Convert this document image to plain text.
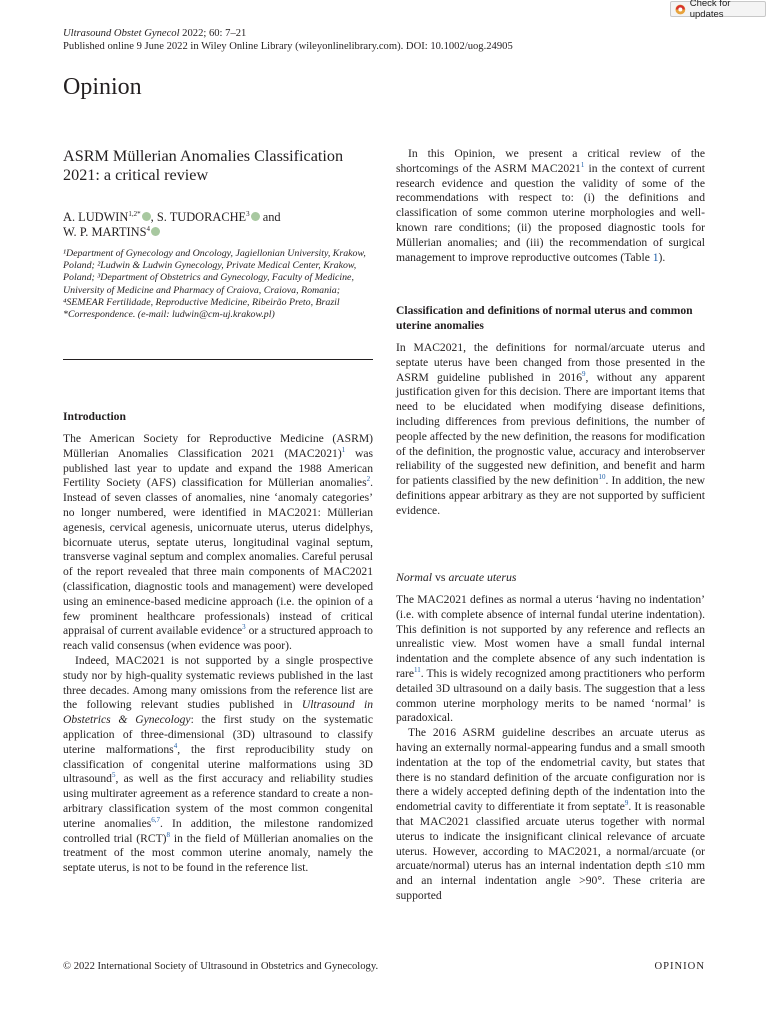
Ultrasound Obstet Gynecol 2022; 60: 7–21
Published online 9 June 2022 in Wiley Online Library (wileyonlinelibrary.com). DOI: 10.1002/uog.24905
Check for updates
Opinion
ASRM Müllerian Anomalies Classification 2021: a critical review
A. $LUDWIN^{1,2*}$ , S. TUDORACHE$^3$ and
W. P. MARTINS$^4$
¹Department of Gynecology and Oncology, Jagiellonian University, Krakow, Poland; ²Ludwin & Ludwin Gynecology, Private Medical Center, Krakow, Poland; ³Department of Obstetrics and Gynecology, Faculty of Medicine, University of Medicine and Pharmacy of Craiova, Craiova, Romania; ⁴SEMEAR Fertilidade, Reproductive Medicine, Ribeirão Preto, Brazil
*Correspondence. (e-mail: ludwin@cm-uj.krakow.pl)
Introduction

The American Society for Reproductive Medicine (ASRM) Müllerian Anomalies Classification 2021 (MAC2021)$^1$ was published last year to update and expand the 1988 American Fertility Society (AFS) classification for Müllerian anomalies$^2$. Instead of seven classes of anomalies, nine ‘anomaly categories’ no longer numbered, were identified in MAC2021: Müllerian agenesis, cervical agenesis, unicornuate uterus, uterus didelphys, bicornuate uterus, septate uterus, longitudinal vaginal septum, transverse vaginal septum and complex anomalies. Careful perusal of the report revealed that three main components of MAC2021 (classification, diagnostic tools and management) were developed using an eminence-based medicine approach (i.e. the opinion of a few prominent healthcare professionals) instead of critical appraisal of current available evidence$^3$ or a structured approach to reach valid consensus (when evidence was poor).

Indeed, MAC2021 is not supported by a single prospective study nor by high-quality systematic reviews published in the last three decades. Among many omissions from the reference list are the following relevant studies published in Ultrasound in Obstetrics & Gynecology: the first study on the systematic application of three-dimensional (3D) ultrasound to classify uterine malformations$^4$, the first reproducibility study on classification of congenital uterine malformations using 3D ultrasound$^5$, as well as the first accuracy and reliability studies using multirater agreement as a reference standard to create a non-arbitrary classification system of the most common congenital uterine anomalies$^{6,7}$. In addition, the milestone randomized controlled trial (RCT)$^8$ in the field of Müllerian anomalies on the treatment of the most common uterine anomaly, namely the septate uterus, is not to be found in the reference list.

In this Opinion, we present a critical review of the shortcomings of the ASRM MAC2021$^1$ in the context of current research evidence and question the validity of some of the recommendations with respect to: (i) the definitions and classification of some common uterine morphologies and well-known rare conditions; (ii) the proposed diagnostic tools for Müllerian anomalies; and (iii) the recommendation of surgical management to improve reproductive outcomes (Table 1).

Classification and definitions of normal uterus and common uterine anomalies

In MAC2021, the definitions for normal/arcuate uterus and septate uterus have been changed from those presented in the ASRM guideline published in 2016$^9$, without any apparent justification given for this decision. There are important items that need to be elucidated when modifying disease definitions, including differences from previous definitions, the number of people affected by the new definition, the reasons for modification of the definition, the prognostic value, accuracy and interobserver reliability of the suggested new definition, and benefit and harm for patients classified by the new definition$^{10}$. In addition, the new definitions appear arbitrary as they are not supported by sufficient evidence.

Normal vs arcuate uterus

The MAC2021 defines as normal a uterus ‘having no indentation’ (i.e. with complete absence of internal fundal uterine indentation). This definition is not supported by any reference and reflects an unrealistic view. Most women have a small fundal internal indentation and the complete absence of any such indentation is rare$^{11}$. This is widely recognized among practitioners who perform detailed 3D ultrasound on a daily basis. The suggestion that a less common uterine morphology merits to be named ‘normal’ is paradoxical.

The 2016 ASRM guideline describes an arcuate uterus as having an externally normal-appearing fundus and a small smooth indentation at the top of the endometrial cavity, but states that there is no standard definition of the arcuate configuration nor is there a widely accepted defining depth of the indentation into the endometrial cavity to differentiate it from septate$^9$. It is reasonable that MAC2021 classified arcuate uterus together with normal uterus to indicate the insignificant clinical relevance of arcuate uterus. However, according to MAC2021, a normal/arcuate (or arcuate/normal) uterus has an internal indentation depth ≤10 mm and an internal indentation angle >90°. These criteria are supported

© 2022 International Society of Ultrasound in Obstetrics and Gynecology.	OPINION
